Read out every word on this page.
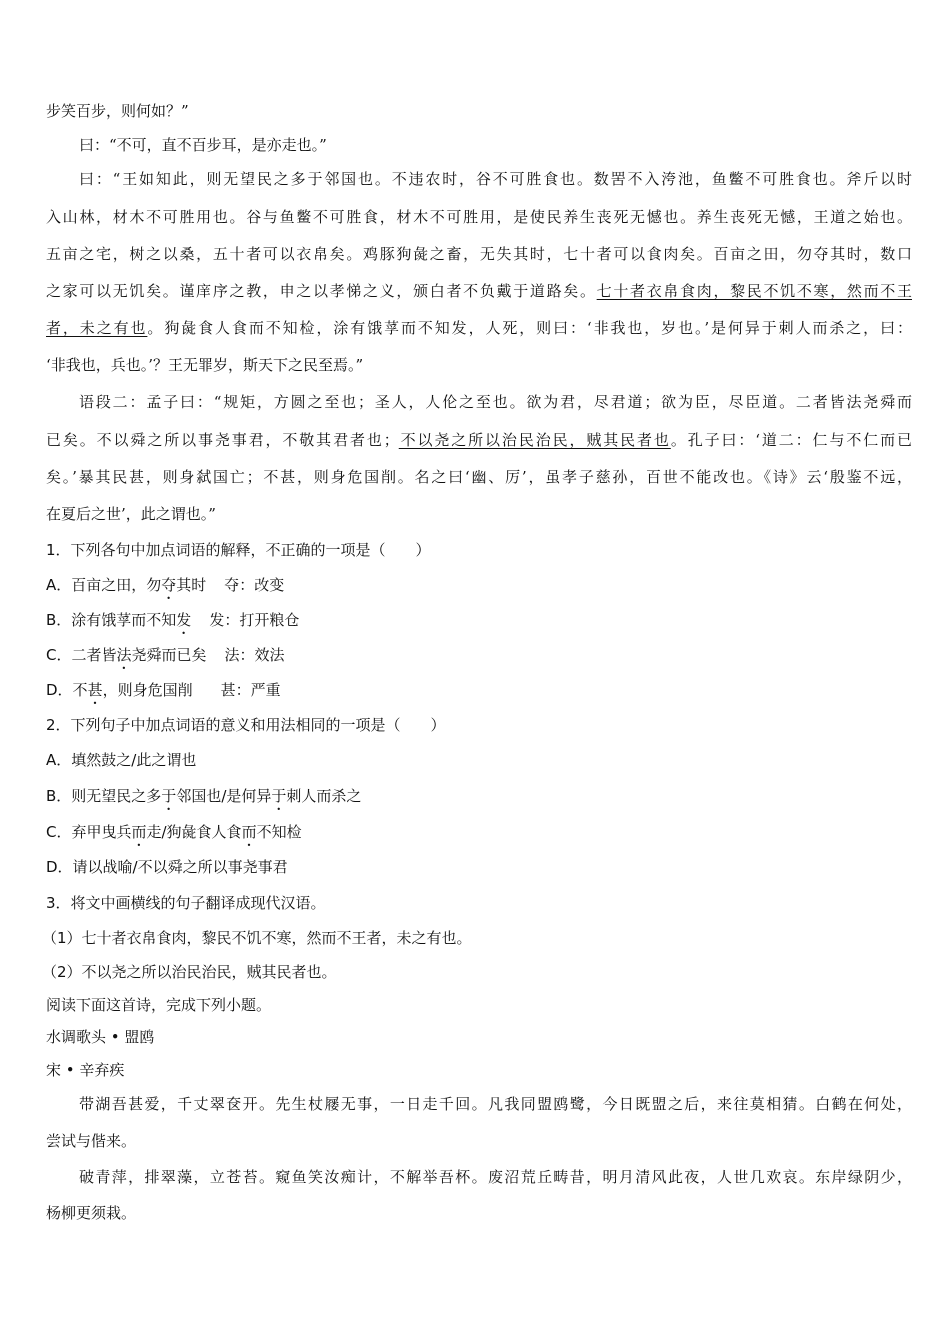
步笑百步，则何如？”
曰：“不可，直不百步耳，是亦走也。”
曰：“王如知此，则无望民之多于邻国也。不违农时，谷不可胜食也。数罟不入洿池，鱼鳖不可胜食也。斧斤以时
入山林，材木不可胜用也。谷与鱼鳖不可胜食，材木不可胜用，是使民养生丧死无憾也。养生丧死无憾，王道之始也。
五亩之宅，树之以桑，五十者可以衣帛矣。鸡豚狗彘之畜，无失其时，七十者可以食肉矣。百亩之田，勿夺其时，数口
之家可以无饥矣。谨庠序之教，申之以孝悌之义，颁白者不负戴于道路矣。七十者衣帛食肉，黎民不饥不寒，然而不王
者，未之有也。狗彘食人食而不知检，涂有饿莩而不知发，人死，则曰：‘非我也，岁也。’是何异于刺人而杀之，曰：
‘非我也，兵也。’？王无罪岁，斯天下之民至焉。”
语段二：孟子曰：“规矩，方圆之至也；圣人，人伦之至也。欲为君，尽君道；欲为臣，尽臣道。二者皆法尧舜而
已矣。不以舜之所以事尧事君，不敬其君者也；不以尧之所以治民治民，贼其民者也。孔子曰：‘道二：仁与不仁而已
矣。’暴其民甚，则身弑国亡；不甚，则身危国削。名之曰‘幽、厉’，虽孝子慈孙，百世不能改也。《诗》云‘殷鉴不远，
在夏后之世’，此之谓也。”
1．下列各句中加点词语的解释，不正确的一项是（　　）
A．百亩之田，勿夺其时 夺：改变
B．涂有饿莩而不知发 发：打开粮仓
C．二者皆法尧舜而已矣 法：效法
D．不甚，则身危国削 甚：严重
2．下列句子中加点词语的意义和用法相同的一项是（　　）
A．填然鼓之/此之谓也
B．则无望民之多于邻国也/是何异于刺人而杀之
C．弃甲曳兵而走/狗彘食人食而不知检
D．请以战喻/不以舜之所以事尧事君
3．将文中画横线的句子翻译成现代汉语。
（1）七十者衣帛食肉，黎民不饥不寒，然而不王者，未之有也。
（2）不以尧之所以治民治民，贼其民者也。
阅读下面这首诗，完成下列小题。
水调歌头 • 盟鸥
宋 • 辛弃疾
带湖吾甚爱，千丈翠奁开。先生杖屦无事，一日走千回。凡我同盟鸥鹭，今日既盟之后，来往莫相猜。白鹤在何处，
尝试与偕来。
破青萍，排翠藻，立苍苔。窥鱼笑汝痴计，不解举吾杯。废沼荒丘畴昔，明月清风此夜，人世几欢哀。东岸绿阴少，
杨柳更须栽。
